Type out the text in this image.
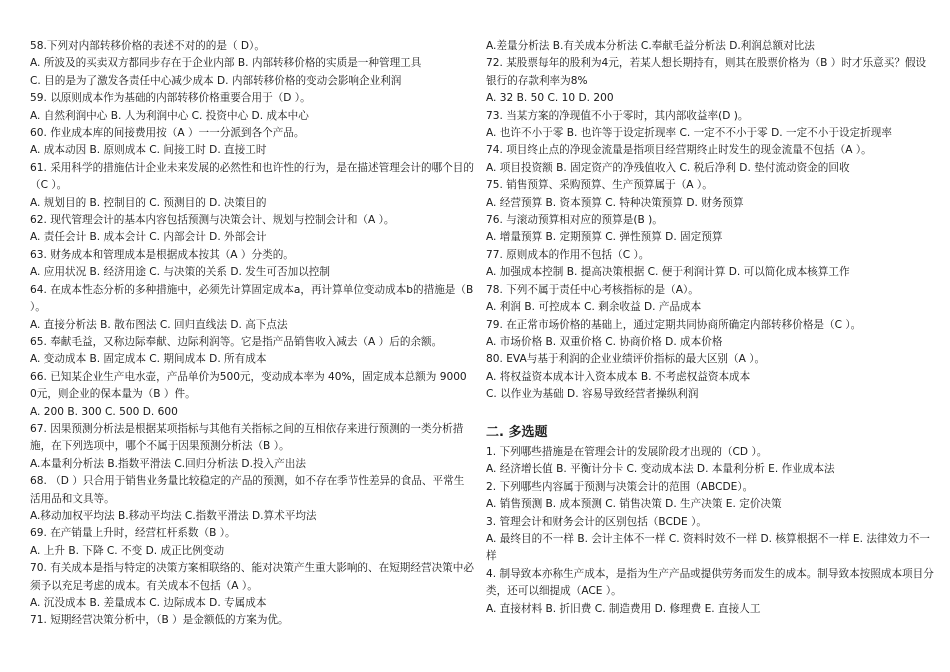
58.下列对内部转移价格的表述不对的的是（ D）。
A. 所波及的买卖双方都同步存在于企业内部 B. 内部转移价格的实质是一种管理工具
C. 目的是为了激发各责任中心减少成本 D. 内部转移价格的变动会影响企业利润
59. 以原则成本作为基础的内部转移价格重要合用于（D ）。
A. 自然利润中心 B. 人为利润中心 C. 投资中心 D. 成本中心
60. 作业成本库的间接费用按（A ）一一分派到各个产品。
A. 成本动因 B. 原则成本 C. 间接工时 D. 直接工时
61. 采用科学的措施估计企业未来发展的必然性和也许性的行为，是在描述管理会计的哪个目的（C ）。
A. 规划目的 B. 控制目的 C. 预测目的 D. 决策目的
62. 现代管理会计的基本内容包括预测与决策会计、规划与控制会计和（A ）。
A. 责任会计 B. 成本会计 C. 内部会计 D. 外部会计
63. 财务成本和管理成本是根据成本按其（A ）分类的。
A. 应用状况 B. 经济用途 C. 与决策的关系 D. 发生可否加以控制
64. 在成本性态分析的多种措施中，必须先计算固定成本a，再计算单位变动成本b的措施是（B ）。
A. 直接分析法 B. 散布图法 C. 回归直线法 D. 高下点法
65. 奉献毛益，又称边际奉献、边际利润等。它是指产品销售收入减去（A ）后的余额。
A. 变动成本 B. 固定成本 C. 期间成本 D. 所有成本
66. 已知某企业生产电水壶，产品单价为500元，变动成本率为 40%，固定成本总额为 9000 0元，则企业的保本量为（B ）件。
A. 200 B. 300 C. 500 D. 600
67. 因果预测分析法是根据某项指标与其他有关指标之间的互相依存来进行预测的一类分析措施，在下列选项中，哪个不属于因果预测分析法（B ）。
A.本量利分析法 B.指数平滑法 C.回归分析法 D.投入产出法
68. （D ）只合用于销售业务量比较稳定的产品的预测，如不存在季节性差异的食品、平常生活用品和文具等。
A.移动加权平均法 B.移动平均法 C.指数平滑法 D.算术平均法
69. 在产销量上升时，经营杠杆系数（B ）。
A. 上升 B. 下降 C. 不变 D. 成正比例变动
70. 有关成本是指与特定的决策方案相联络的、能对决策产生重大影响的、在短期经营决策中必须予以充足考虑的成本。有关成本不包括（A ）。
A. 沉没成本 B. 差量成本 C. 边际成本 D. 专属成本
71. 短期经营决策分析中，（B ）是金额低的方案为优。
A.差量分析法 B.有关成本分析法 C.奉献毛益分析法 D.利润总额对比法
72. 某股票每年的股利为4元，若某人想长期持有，则其在股票价格为（B ）时才乐意买？假设银行的存款利率为8%
A. 32 B. 50 C. 10 D. 200
73. 当某方案的净现值不小于零时，其内部收益率(D )。
A. 也许不小于零 B. 也许等于设定折现率 C. 一定不不小于零 D. 一定不小于设定折现率
74. 项目终止点的净现金流量是指项目经营期终止时发生的现金流量不包括（A ）。
A. 项目投资额 B. 固定资产的净残值收入 C. 税后净利 D. 垫付流动资金的回收
75. 销售预算、采购预算、生产预算属于（A ）。
A. 经营预算 B. 资本预算 C. 特种决策预算 D. 财务预算
76. 与滚动预算相对应的预算是(B )。
A. 增量预算 B. 定期预算 C. 弹性预算 D. 固定预算
77. 原则成本的作用不包括（C ）。
A. 加强成本控制 B. 提高决策根据 C. 便于利润计算 D. 可以简化成本核算工作
78. 下列不属于责任中心考核指标的是（A）。
A. 利润 B. 可控成本 C. 剩余收益 D. 产品成本
79. 在正常市场价格的基础上，通过定期共同协商所确定内部转移价格是（C ）。
A. 市场价格 B. 双重价格 C. 协商价格 D. 成本价格
80. EVA与基于利润的企业业绩评价指标的最大区别（A ）。
A. 将权益资本成本计入资本成本 B. 不考虑权益资本成本
C. 以作业为基础 D. 容易导致经营者操纵利润
二. 多选题
1. 下列哪些措施是在管理会计的发展阶段才出现的（CD ）。
A. 经济增长值 B. 平衡计分卡 C. 变动成本法 D. 本量利分析 E. 作业成本法
2. 下列哪些内容属于预测与决策会计的范围（ABCDE）。
A. 销售预测 B. 成本预测 C. 销售决策 D. 生产决策 E. 定价决策
3. 管理会计和财务会计的区别包括（BCDE ）。
A. 最终目的不一样 B. 会计主体不一样 C. 资料时效不一样 D. 核算根据不一样 E. 法律效力不一样
4. 制导致本亦称生产成本，是指为生产产品或提供劳务而发生的成本。制导致本按照成本项目分类，还可以细提成（ACE ）。
A. 直接材料 B. 折旧费 C. 制造费用 D. 修理费 E. 直接人工
